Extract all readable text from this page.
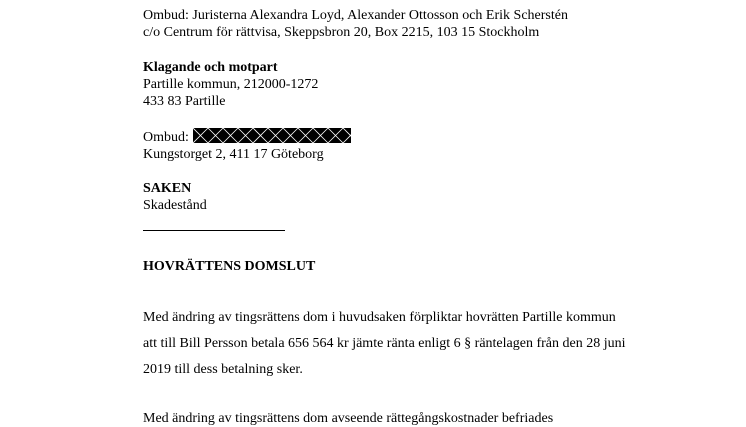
Ombud: Juristerna Alexandra Loyd, Alexander Ottosson och Erik Scherstén
c/o Centrum för rättvisa, Skeppsbron 20, Box 2215, 103 15 Stockholm
Klagande och motpart
Partille kommun, 212000-1272
433 83 Partille
Ombud:
Kungstorget 2, 411 17 Göteborg
SAKEN
Skadestånd
HOVRÄTTENS DOMSLUT
Med ändring av tingsrättens dom i huvudsaken förpliktar hovrätten Partille kommun
att till Bill Persson betala 656 564 kr jämte ränta enligt 6 § räntelagen från den 28 juni
2019 till dess betalning sker.
Med ändring av tingsrättens dom avseende rättegångskostnader befriades
